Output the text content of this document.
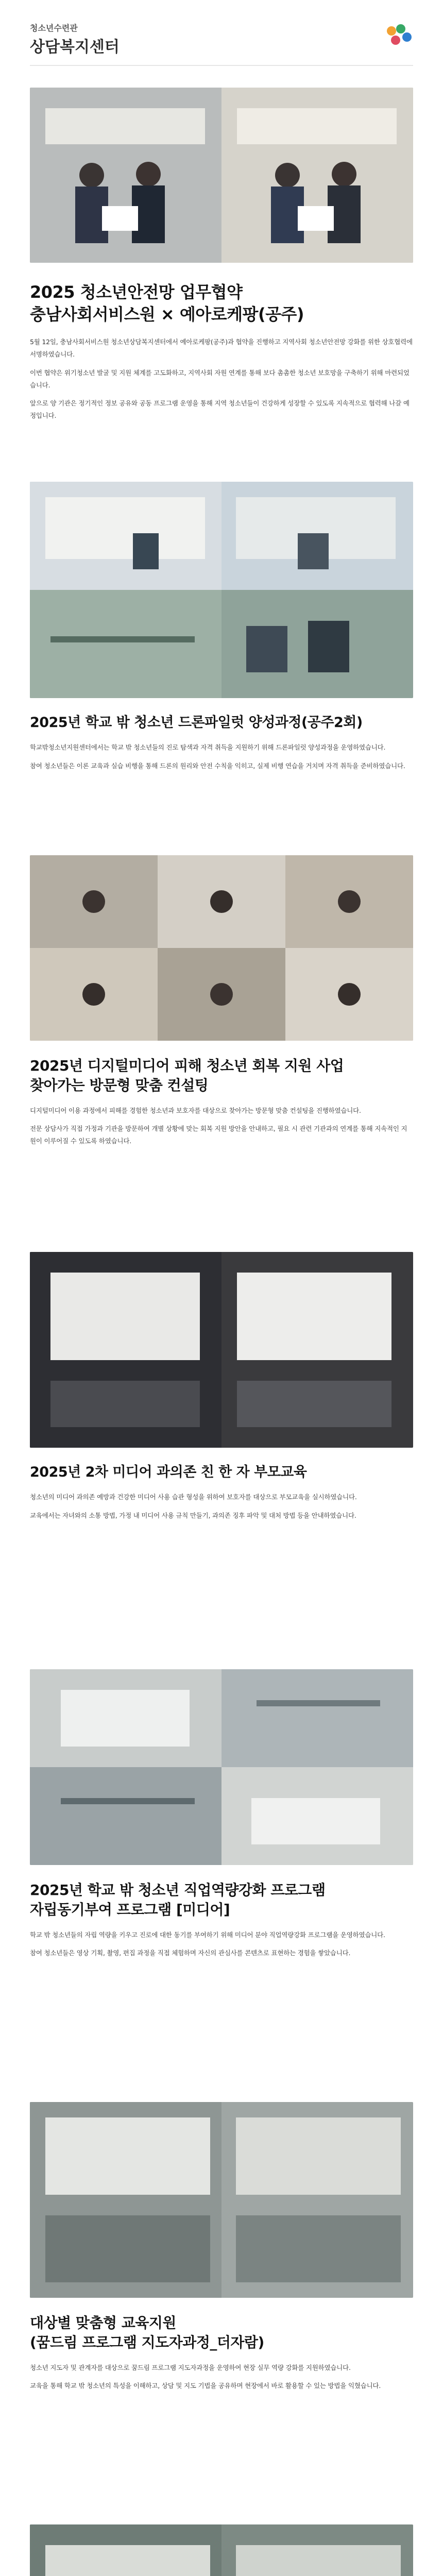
청소년수련관
상담복지센터
2025 청소년안전망 업무협약
충남사회서비스원 × 예아로케팡(공주)

5월 12일, 충남사회서비스원 청소년상담복지센터에서 예아로케팡(공주)과 협약을 진행하고 지역사회 청소년안전망 강화를 위한 상호협력에 서명하였습니다.

이번 협약은 위기청소년 발굴 및 지원 체계를 고도화하고, 지역사회 자원 연계를 통해 보다 촘촘한 청소년 보호망을 구축하기 위해 마련되었습니다.

앞으로 양 기관은 정기적인 정보 공유와 공동 프로그램 운영을 통해 지역 청소년들이 건강하게 성장할 수 있도록 지속적으로 협력해 나갈 예정입니다.

2025년 학교 밖 청소년 드론파일럿 양성과정(공주2회)

학교밖청소년지원센터에서는 학교 밖 청소년들의 진로 탐색과 자격 취득을 지원하기 위해 드론파일럿 양성과정을 운영하였습니다.

참여 청소년들은 이론 교육과 실습 비행을 통해 드론의 원리와 안전 수칙을 익히고, 실제 비행 연습을 거치며 자격 취득을 준비하였습니다.

2025년 디지털미디어 피해 청소년 회복 지원 사업
찾아가는 방문형 맞춤 컨설팅

디지털미디어 이용 과정에서 피해를 경험한 청소년과 보호자를 대상으로 찾아가는 방문형 맞춤 컨설팅을 진행하였습니다.

전문 상담사가 직접 가정과 기관을 방문하여 개별 상황에 맞는 회복 지원 방안을 안내하고, 필요 시 관련 기관과의 연계를 통해 지속적인 지원이 이루어질 수 있도록 하였습니다.

2025년 2차 미디어 과의존 친 한 자 부모교육

청소년의 미디어 과의존 예방과 건강한 미디어 사용 습관 형성을 위하여 보호자를 대상으로 부모교육을 실시하였습니다.

교육에서는 자녀와의 소통 방법, 가정 내 미디어 사용 규칙 만들기, 과의존 징후 파악 및 대처 방법 등을 안내하였습니다.

2025년 학교 밖 청소년 직업역량강화 프로그램
자립동기부여 프로그램 [미디어]

학교 밖 청소년들의 자립 역량을 키우고 진로에 대한 동기를 부여하기 위해 미디어 분야 직업역량강화 프로그램을 운영하였습니다.

참여 청소년들은 영상 기획, 촬영, 편집 과정을 직접 체험하며 자신의 관심사를 콘텐츠로 표현하는 경험을 쌓았습니다.

대상별 맞춤형 교육지원
(꿈드림 프로그램 지도자과정_더자람)

청소년 지도자 및 관계자를 대상으로 꿈드림 프로그램 지도자과정을 운영하여 현장 실무 역량 강화를 지원하였습니다.

교육을 통해 학교 밖 청소년의 특성을 이해하고, 상담 및 지도 기법을 공유하며 현장에서 바로 활용할 수 있는 방법을 익혔습니다.
